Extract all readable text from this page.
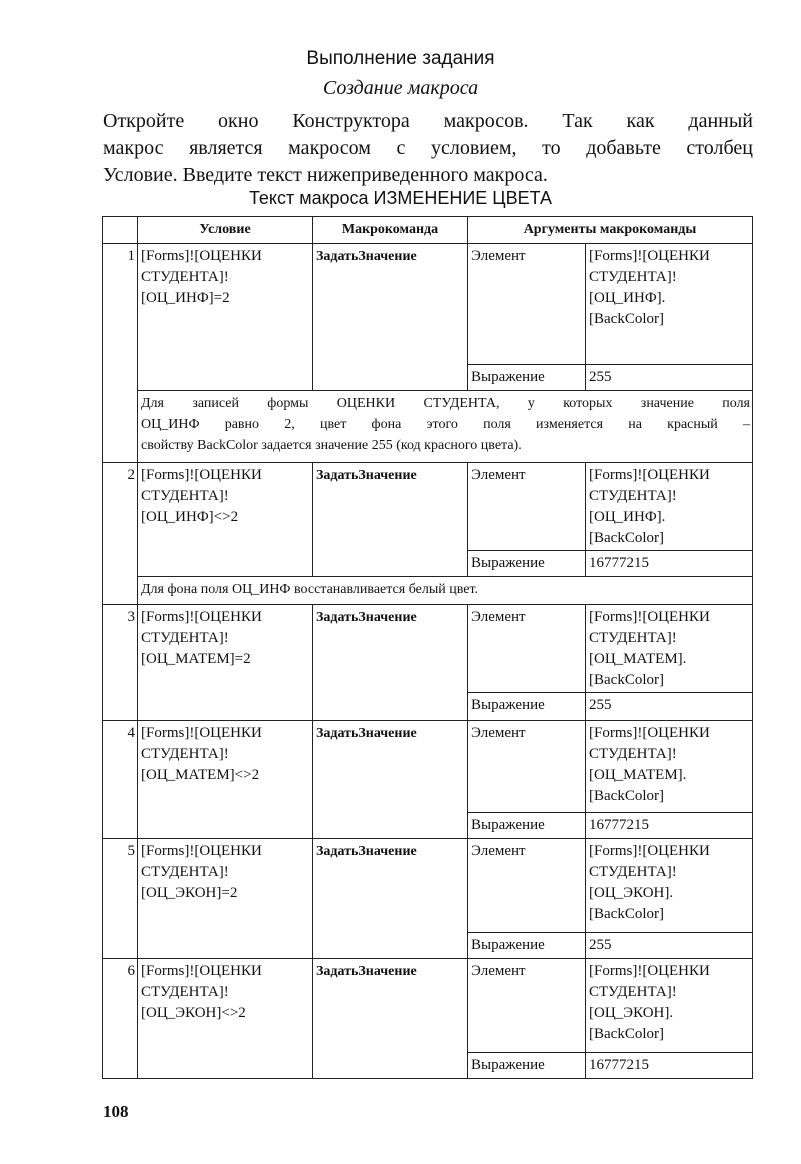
Выполнение задания
Создание макроса
Откройте окно Конструктора макросов. Так как данный
макрос является макросом с условием, то добавьте столбец
Условие. Введите текст нижеприведенного макроса.
Текст макроса ИЗМЕНЕНИЕ ЦВЕТА
	Условие	Макрокоманда	Аргументы макрокоманды	
1	[Forms]![ОЦЕНКИ
СТУДЕНТА]!
[ОЦ_ИНФ]=2	ЗадатьЗначение	Элемент	[Forms]![ОЦЕНКИ
СТУДЕНТА]!
[ОЦ_ИНФ].
[BackColor]
			Выражение	255

	Для записей формы ОЦЕНКИ СТУДЕНТА, у которых значение поля
ОЦ_ИНФ равно 2, цвет фона этого поля изменяется на красный –
свойству BackColor задается значение 255 (код красного цвета).			

2	[Forms]![ОЦЕНКИ
СТУДЕНТА]!
[ОЦ_ИНФ]<>2	ЗадатьЗначение	Элемент	[Forms]![ОЦЕНКИ
СТУДЕНТА]!
[ОЦ_ИНФ].
[BackColor]
			Выражение	16777215

	Для фона поля ОЦ_ИНФ восстанавливается белый цвет.			

3	[Forms]![ОЦЕНКИ
СТУДЕНТА]!
[ОЦ_МАТЕМ]=2	ЗадатьЗначение	Элемент	[Forms]![ОЦЕНКИ
СТУДЕНТА]!
[ОЦ_МАТЕМ].
[BackColor]
			Выражение	255
4	[Forms]![ОЦЕНКИ
СТУДЕНТА]!
[ОЦ_МАТЕМ]<>2	ЗадатьЗначение	Элемент	[Forms]![ОЦЕНКИ
СТУДЕНТА]!
[ОЦ_МАТЕМ].
[BackColor]
			Выражение	16777215
5	[Forms]![ОЦЕНКИ
СТУДЕНТА]!
[ОЦ_ЭКОН]=2	ЗадатьЗначение	Элемент	[Forms]![ОЦЕНКИ
СТУДЕНТА]!
[ОЦ_ЭКОН].
[BackColor]
			Выражение	255
6	[Forms]![ОЦЕНКИ
СТУДЕНТА]!
[ОЦ_ЭКОН]<>2	ЗадатьЗначение	Элемент	[Forms]![ОЦЕНКИ
СТУДЕНТА]!
[ОЦ_ЭКОН].
[BackColor]
			Выражение	16777215
108
